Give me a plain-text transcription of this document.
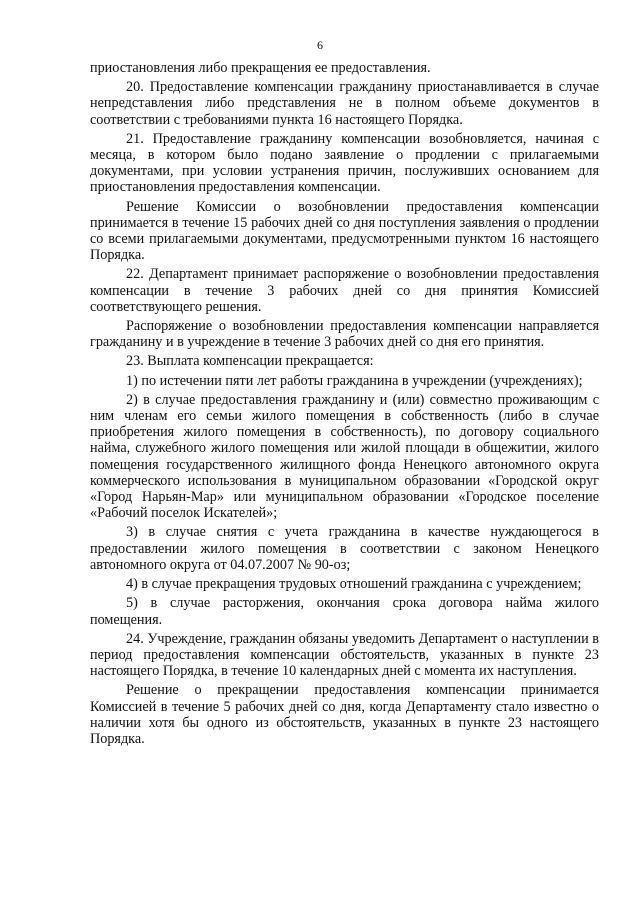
6

приостановления либо прекращения ее предоставления.

20. Предоставление компенсации гражданину приостанавливается в случае непредставления либо представления не в полном объеме документов в соответствии с требованиями пункта 16 настоящего Порядка.

21. Предоставление гражданину компенсации возобновляется, начиная с месяца, в котором было подано заявление о продлении с прилагаемыми документами, при условии устранения причин, послуживших основанием для приостановления предоставления компенсации.

Решение Комиссии о возобновлении предоставления компенсации принимается в течение 15 рабочих дней со дня поступления заявления о продлении со всеми прилагаемыми документами, предусмотренными пунктом 16 настоящего Порядка.

22. Департамент принимает распоряжение о возобновлении предоставления компенсации в течение 3 рабочих дней со дня принятия Комиссией соответствующего решения.

Распоряжение о возобновлении предоставления компенсации направляется гражданину и в учреждение в течение 3 рабочих дней со дня его принятия.

23. Выплата компенсации прекращается:

1) по истечении пяти лет работы гражданина в учреждении (учреждениях);

2) в случае предоставления гражданину и (или) совместно проживающим с ним членам его семьи жилого помещения в собственность (либо в случае приобретения жилого помещения в собственность), по договору социального найма, служебного жилого помещения или жилой площади в общежитии, жилого помещения государственного жилищного фонда Ненецкого автономного округа коммерческого использования в муниципальном образовании «Городской округ «Город Нарьян-Мар» или муниципальном образовании «Городское поселение «Рабочий поселок Искателей»;

3) в случае снятия с учета гражданина в качестве нуждающегося в предоставлении жилого помещения в соответствии с законом Ненецкого автономного округа от 04.07.2007 № 90-оз;

4) в случае прекращения трудовых отношений гражданина с учреждением;

5) в случае расторжения, окончания срока договора найма жилого помещения.

24. Учреждение, гражданин обязаны уведомить Департамент о наступлении в период предоставления компенсации обстоятельств, указанных в пункте 23 настоящего Порядка, в течение 10 календарных дней с момента их наступления.

Решение о прекращении предоставления компенсации принимается Комиссией в течение 5 рабочих дней со дня, когда Департаменту стало известно о наличии хотя бы одного из обстоятельств, указанных в пункте 23 настоящего Порядка.
